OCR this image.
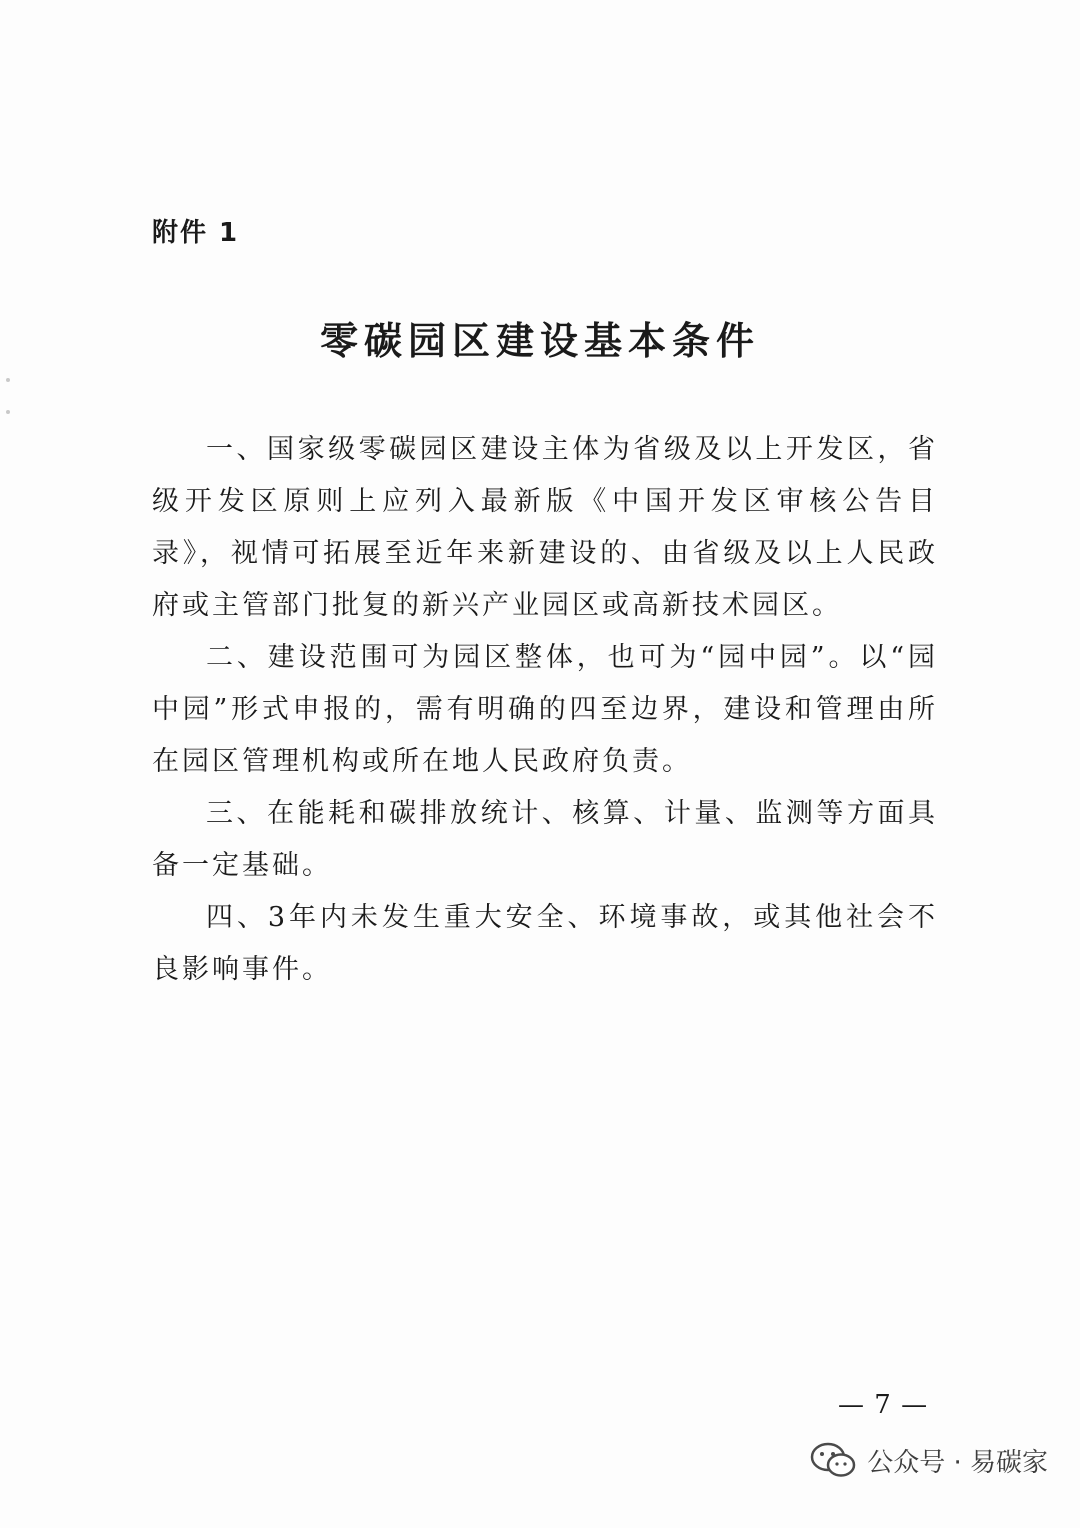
附件 1
零碳园区建设基本条件

一、国家级零碳园区建设主体为省级及以上开发区，省级开发区原则上应列入最新版《中国开发区审核公告目录》，视情可拓展至近年来新建设的、由省级及以上人民政府或主管部门批复的新兴产业园区或高新技术园区。

二、建设范围可为园区整体，也可为“园中园”。以“园中园”形式申报的，需有明确的四至边界，建设和管理由所在园区管理机构或所在地人民政府负责。

三、在能耗和碳排放统计、核算、计量、监测等方面具备一定基础。

四、3年内未发生重大安全、环境事故，或其他社会不良影响事件。

— 7 —
公众号 · 易碳家
